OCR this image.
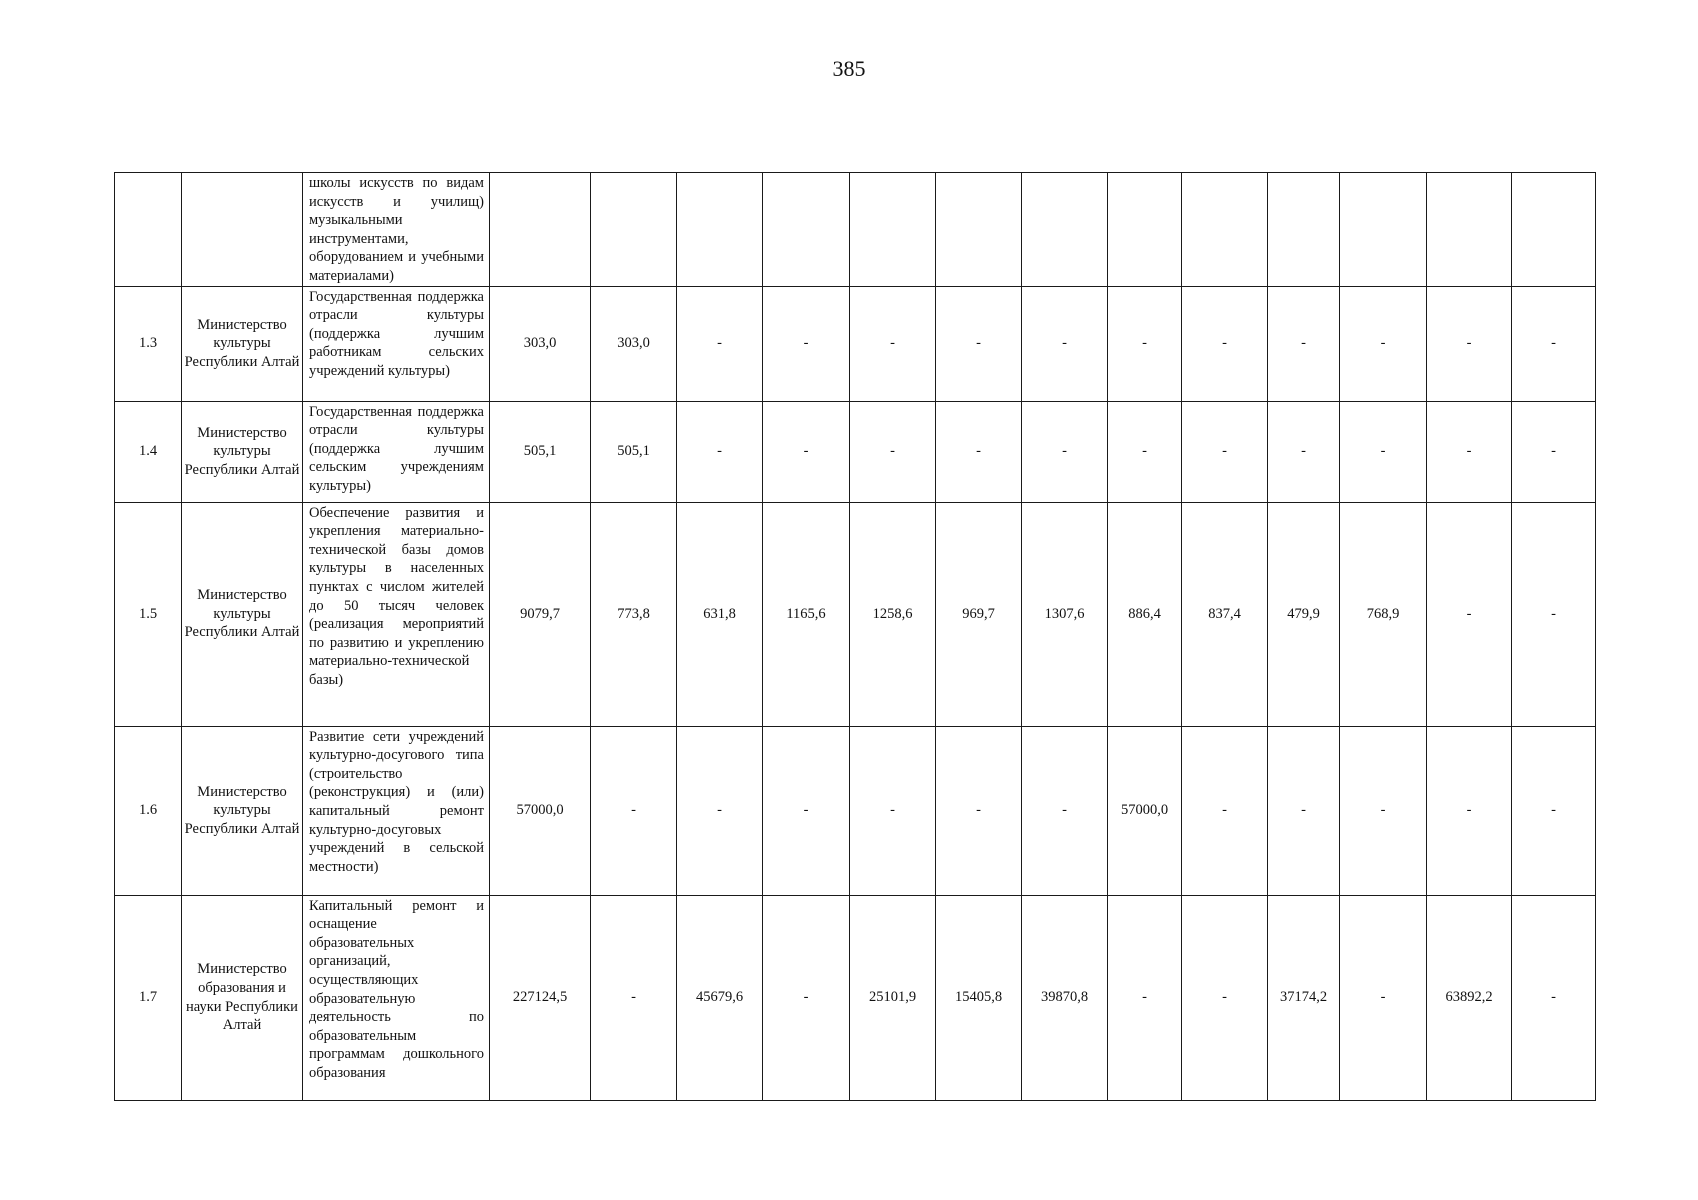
385
		школы искусств по видам искусств и училищ) музыкальными инструментами, оборудованием и учебными материалами)													
1.3	Министерство культуры Республики Алтай	Государственная поддержка отрасли культуры (поддержка лучшим работникам сельских учреждений культуры)	303,0	303,0	-	-	-	-	-	-	-	-	-	-	-
1.4	Министерство культуры Республики Алтай	Государственная поддержка отрасли культуры (поддержка лучшим сельским учреждениям культуры)	505,1	505,1	-	-	-	-	-	-	-	-	-	-	-
1.5	Министерство культуры Республики Алтай	Обеспечение развития и укрепления материально-технической базы домов культуры в населенных пунктах с числом жителей до 50 тысяч человек (реализация мероприятий по развитию и укреплению материально-технической базы)	9079,7	773,8	631,8	1165,6	1258,6	969,7	1307,6	886,4	837,4	479,9	768,9	-	-
1.6	Министерство культуры Республики Алтай	Развитие сети учреждений культурно-досугового типа (строительство (реконструкция) и (или) капитальный ремонт культурно-досуговых учреждений в сельской местности)	57000,0	-	-	-	-	-	-	57000,0	-	-	-	-	-
1.7	Министерство образования и науки Республики Алтай	Капитальный ремонт и оснащение образовательных организаций, осуществляющих образовательную деятельность по образовательным программам дошкольного образования	227124,5	-	45679,6	-	25101,9	15405,8	39870,8	-	-	37174,2	-	63892,2	-
